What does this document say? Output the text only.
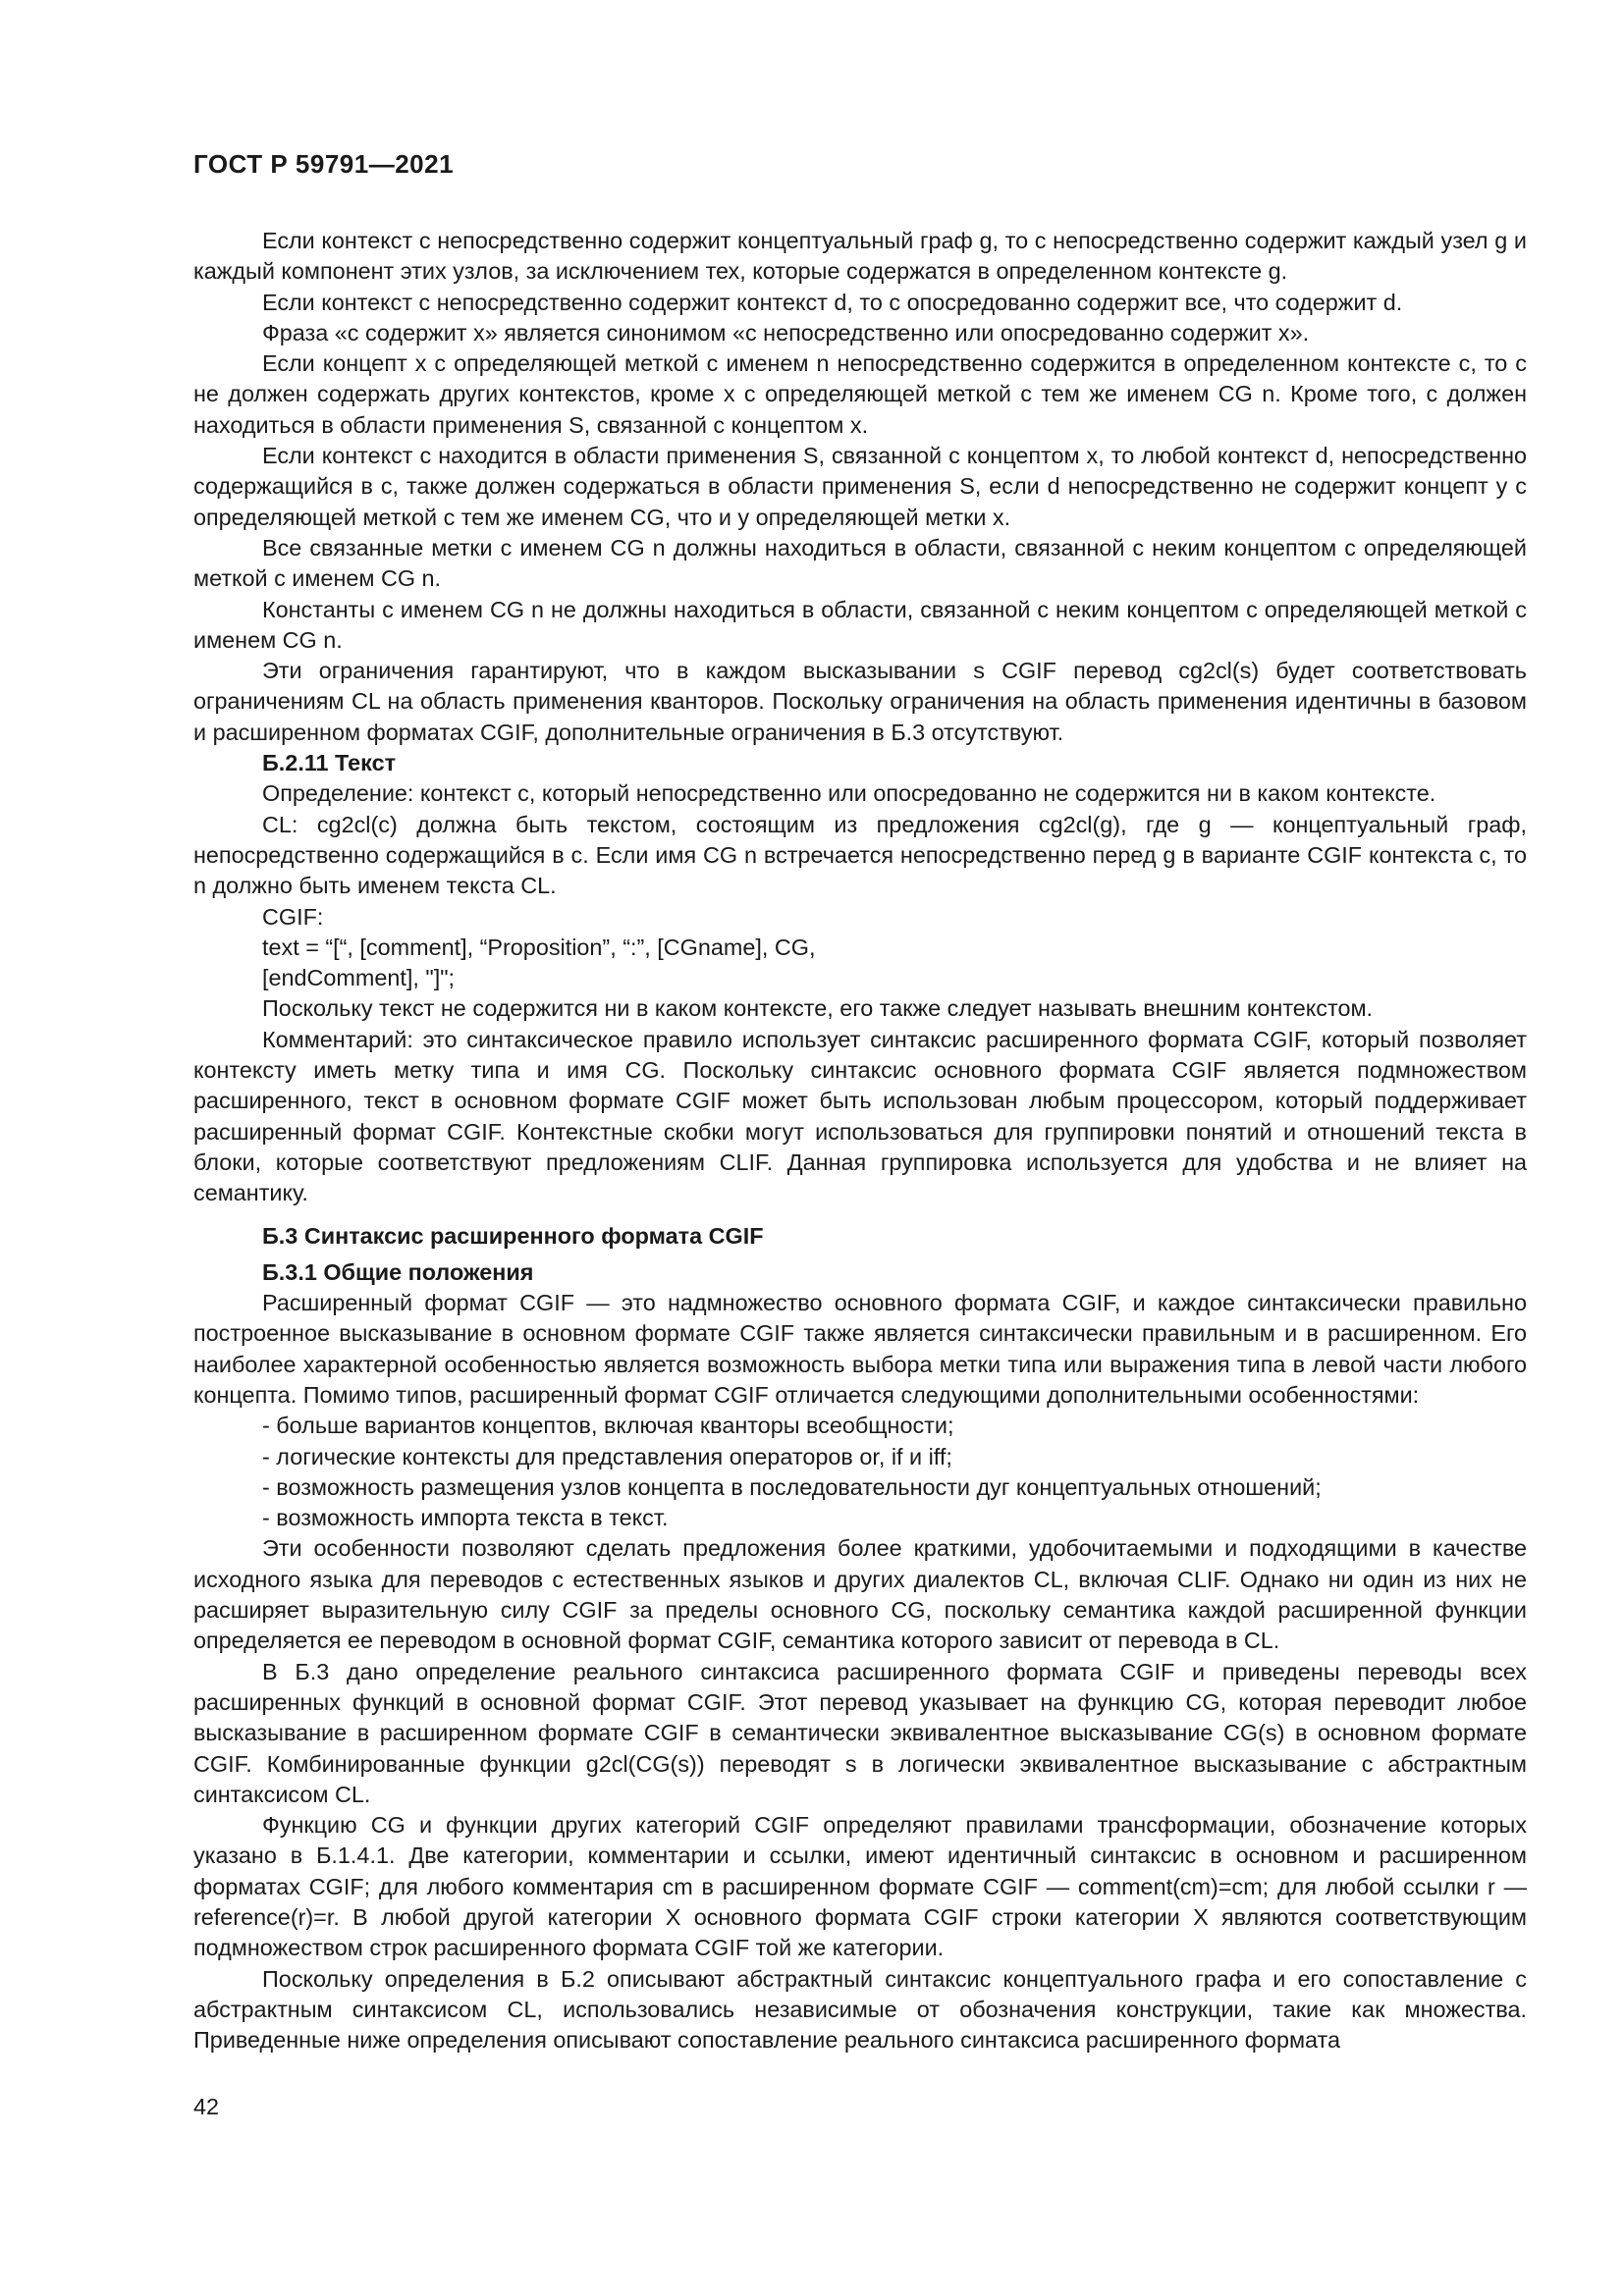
ГОСТ Р 59791—2021

Если контекст c непосредственно содержит концептуальный граф g, то c непосредственно содержит каждый узел g и каждый компонент этих узлов, за исключением тех, которые содержатся в определенном контексте g.

Если контекст c непосредственно содержит контекст d, то c опосредованно содержит все, что содержит d.

Фраза «c содержит x» является синонимом «c непосредственно или опосредованно содержит x».

Если концепт x с определяющей меткой с именем n непосредственно содержится в определенном контексте c, то c не должен содержать других контекстов, кроме x с определяющей меткой с тем же именем CG n. Кроме того, c должен находиться в области применения S, связанной с концептом x.

Если контекст c находится в области применения S, связанной с концептом x, то любой контекст d, непосредственно содержащийся в c, также должен содержаться в области применения S, если d непосредственно не содержит концепт y с определяющей меткой с тем же именем CG, что и у определяющей метки x.

Все связанные метки с именем CG n должны находиться в области, связанной с неким концептом с определяющей меткой с именем CG n.

Константы с именем CG n не должны находиться в области, связанной с неким концептом с определяющей меткой с именем CG n.

Эти ограничения гарантируют, что в каждом высказывании s CGIF перевод cg2cl(s) будет соответствовать ограничениям CL на область применения кванторов. Поскольку ограничения на область применения идентичны в базовом и расширенном форматах CGIF, дополнительные ограничения в Б.3 отсутствуют.

Б.2.11 Текст

Определение: контекст c, который непосредственно или опосредованно не содержится ни в каком контексте.

CL: cg2cl(c) должна быть текстом, состоящим из предложения cg2cl(g), где g — концептуальный граф, непосредственно содержащийся в c. Если имя CG n встречается непосредственно перед g в варианте CGIF контекста c, то n должно быть именем текста CL.

CGIF:

text = “[“, [comment], “Proposition”, “:”, [CGname], CG,

[endComment], "]";

Поскольку текст не содержится ни в каком контексте, его также следует называть внешним контекстом.

Комментарий: это синтаксическое правило использует синтаксис расширенного формата CGIF, который позволяет контексту иметь метку типа и имя CG. Поскольку синтаксис основного формата CGIF является подмножеством расширенного, текст в основном формате CGIF может быть использован любым процессором, который поддерживает расширенный формат CGIF. Контекстные скобки могут использоваться для группировки понятий и отношений текста в блоки, которые соответствуют предложениям CLIF. Данная группировка используется для удобства и не влияет на семантику.

Б.3 Синтаксис расширенного формата CGIF

Б.3.1 Общие положения

Расширенный формат CGIF — это надмножество основного формата CGIF, и каждое синтаксически правильно построенное высказывание в основном формате CGIF также является синтаксически правильным и в расширенном. Его наиболее характерной особенностью является возможность выбора метки типа или выражения типа в левой части любого концепта. Помимо типов, расширенный формат CGIF отличается следующими дополнительными особенностями:

- больше вариантов концептов, включая кванторы всеобщности;

- логические контексты для представления операторов or, if и iff;

- возможность размещения узлов концепта в последовательности дуг концептуальных отношений;

- возможность импорта текста в текст.

Эти особенности позволяют сделать предложения более краткими, удобочитаемыми и подходящими в качестве исходного языка для переводов с естественных языков и других диалектов CL, включая CLIF. Однако ни один из них не расширяет выразительную силу CGIF за пределы основного CG, поскольку семантика каждой расширенной функции определяется ее переводом в основной формат CGIF, семантика которого зависит от перевода в CL.

В Б.3 дано определение реального синтаксиса расширенного формата CGIF и приведены переводы всех расширенных функций в основной формат CGIF. Этот перевод указывает на функцию CG, которая переводит любое высказывание в расширенном формате CGIF в семантически эквивалентное высказывание CG(s) в основном формате CGIF. Комбинированные функции g2cl(CG(s)) переводят s в логически эквивалентное высказывание с абстрактным синтаксисом CL.

Функцию CG и функции других категорий CGIF определяют правилами трансформации, обозначение которых указано в Б.1.4.1. Две категории, комментарии и ссылки, имеют идентичный синтаксис в основном и расширенном форматах CGIF; для любого комментария cm в расширенном формате CGIF — comment(cm)=cm; для любой ссылки r — reference(r)=r. В любой другой категории X основного формата CGIF строки категории X являются соответствующим подмножеством строк расширенного формата CGIF той же категории.

Поскольку определения в Б.2 описывают абстрактный синтаксис концептуального графа и его сопоставление с абстрактным синтаксисом CL, использовались независимые от обозначения конструкции, такие как множества. Приведенные ниже определения описывают сопоставление реального синтаксиса расширенного формата

42
